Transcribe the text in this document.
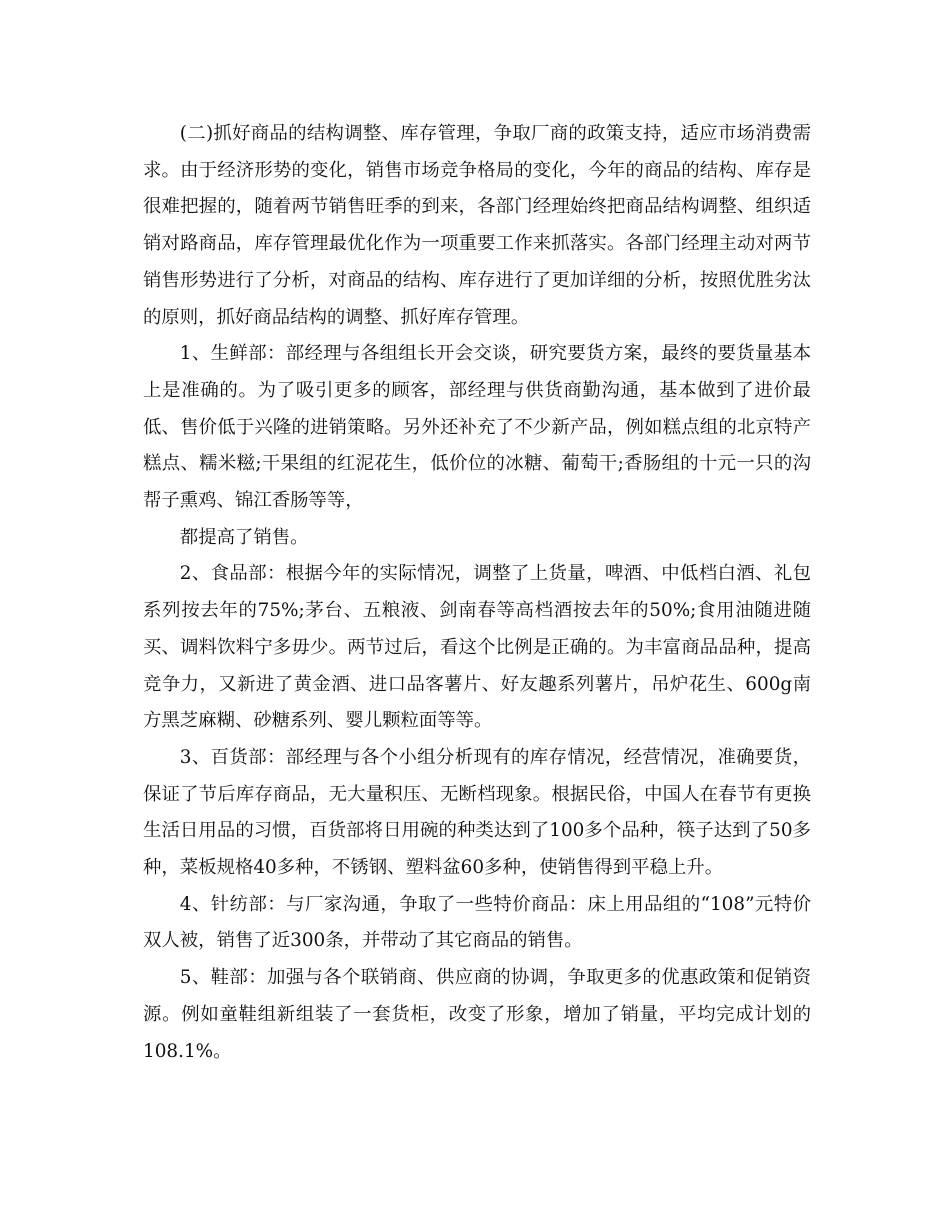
(二)抓好商品的结构调整、库存管理，争取厂商的政策支持，适应市场消费需求。由于经济形势的变化，销售市场竞争格局的变化，今年的商品的结构、库存是很难把握的，随着两节销售旺季的到来，各部门经理始终把商品结构调整、组织适销对路商品，库存管理最优化作为一项重要工作来抓落实。各部门经理主动对两节销售形势进行了分析，对商品的结构、库存进行了更加详细的分析，按照优胜劣汰的原则，抓好商品结构的调整、抓好库存管理。

1、生鲜部：部经理与各组组长开会交谈，研究要货方案，最终的要货量基本上是准确的。为了吸引更多的顾客，部经理与供货商勤沟通，基本做到了进价最低、售价低于兴隆的进销策略。另外还补充了不少新产品，例如糕点组的北京特产糕点、糯米糍;干果组的红泥花生，低价位的冰糖、葡萄干;香肠组的十元一只的沟帮子熏鸡、锦江香肠等等，

都提高了销售。

2、食品部：根据今年的实际情况，调整了上货量，啤酒、中低档白酒、礼包系列按去年的75%;茅台、五粮液、剑南春等高档酒按去年的50%;食用油随进随买、调料饮料宁多毋少。两节过后，看这个比例是正确的。为丰富商品品种，提高竞争力，又新进了黄金酒、进口品客薯片、好友趣系列薯片，吊炉花生、600g南方黑芝麻糊、砂糖系列、婴儿颗粒面等等。

3、百货部：部经理与各个小组分析现有的库存情况，经营情况，准确要货，保证了节后库存商品，无大量积压、无断档现象。根据民俗，中国人在春节有更换生活日用品的习惯，百货部将日用碗的种类达到了100多个品种，筷子达到了50多种，菜板规格40多种，不锈钢、塑料盆60多种，使销售得到平稳上升。

4、针纺部：与厂家沟通，争取了一些特价商品：床上用品组的“108”元特价双人被，销售了近300条，并带动了其它商品的销售。

5、鞋部：加强与各个联销商、供应商的协调，争取更多的优惠政策和促销资源。例如童鞋组新组装了一套货柜，改变了形象，增加了销量，平均完成计划的108.1%。
